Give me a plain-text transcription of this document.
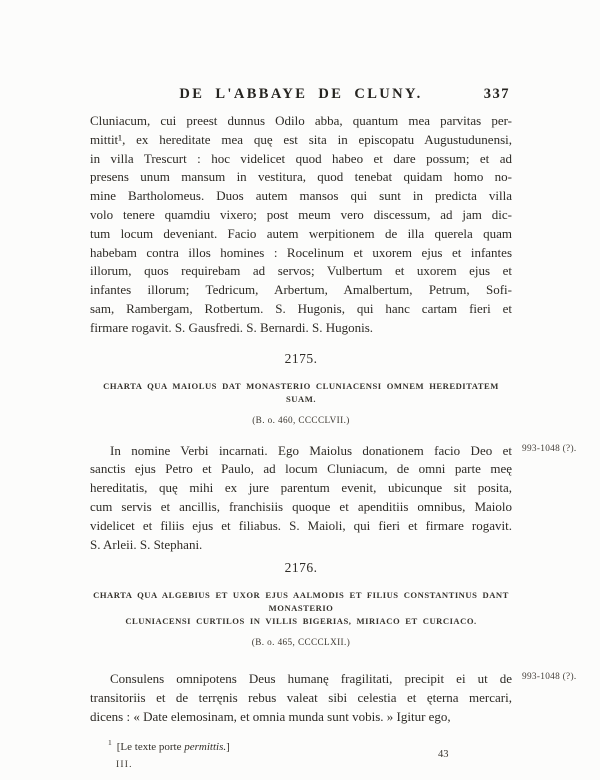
DE L'ABBAYE DE CLUNY.	337
Cluniacum, cui preest dunnus Odilo abba, quantum mea parvitas per-
mittit¹, ex hereditate mea quę est sita in episcopatu Augustudunensi,
in villa Trescurt : hoc videlicet quod habeo et dare possum; et ad
presens unum mansum in vestitura, quod tenebat quidam homo no-
mine Bartholomeus. Duos autem mansos qui sunt in predicta villa
volo tenere quamdiu vixero; post meum vero discessum, ad jam dic-
tum locum deveniant. Facio autem werpitionem de illa querela quam
habebam contra illos homines : Rocelinum et uxorem ejus et infantes
illorum, quos requirebam ad servos; Vulbertum et uxorem ejus et
infantes illorum; Tedricum, Arbertum, Amalbertum, Petrum, Sofi-
sam, Rambergam, Rotbertum. S. Hugonis, qui hanc cartam fieri et
firmare rogavit. S. Gausfredi. S. Bernardi. S. Hugonis.
2175.
CHARTA QUA MAIOLUS DAT MONASTERIO CLUNIACENSI OMNEM HEREDITATEM SUAM.
(B. o. 460, CCCCLVII.)
993-1048 (?).
In nomine Verbi incarnati. Ego Maiolus donationem facio Deo et
sanctis ejus Petro et Paulo, ad locum Cluniacum, de omni parte meę
hereditatis, quę mihi ex jure parentum evenit, ubicunque sit posita,
cum servis et ancillis, franchisiis quoque et apenditiis omnibus, Maiolo
videlicet et filiis ejus et filiabus. S. Maioli, qui fieri et firmare rogavit.
S. Arleii. S. Stephani.
2176.
CHARTA QUA ALGEBIUS ET UXOR EJUS AALMODIS ET FILIUS CONSTANTINUS DANT MONASTERIO
CLUNIACENSI CURTILOS IN VILLIS BIGERIAS, MIRIACO ET CURCIACO.
(B. o. 465, CCCCLXII.)
993-1048 (?).
Consulens omnipotens Deus humanę fragilitati, precipit ei ut de
transitoriis et de terręnis rebus valeat sibi celestia et ęterna mercari,
dicens : « Date elemosinam, et omnia munda sunt vobis. » Igitur ego,
$^1$ [Le texte porte permittis.]
III.
43
